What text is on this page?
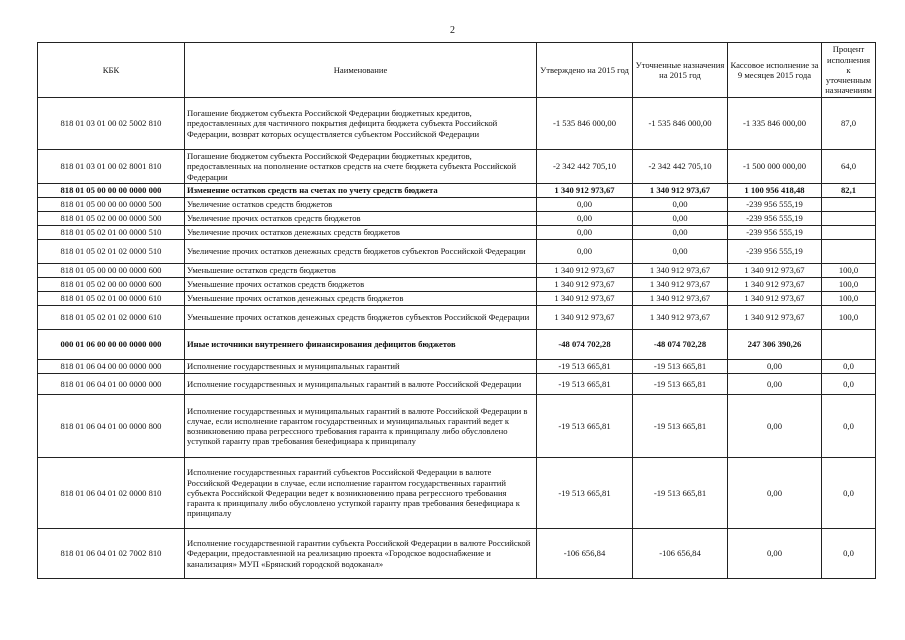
2
КБК	Наименование	Утверждено на 2015 год	Уточненные назначения на 2015 год	Кассовое исполнение за 9 месяцев 2015 года	Процент исполнения к уточненным назначениям
818 01 03 01 00 02 5002 810	Погашение бюджетом субъекта Российской Федерации бюджетных кредитов, предоставленных для частичного покрытия дефицита бюджета субъекта Российской Федерации, возврат которых осуществляется субъектом Российской Федерации	-1 535 846 000,00	-1 535 846 000,00	-1 335 846 000,00	87,0
818 01 03 01 00 02 8001 810	Погашение бюджетом субъекта Российской Федерации бюджетных кредитов, предоставленных на пополнение остатков средств на счете бюджета субъекта Российской Федерации	-2 342 442 705,10	-2 342 442 705,10	-1 500 000 000,00	64,0
818 01 05 00 00 00 0000 000	Изменение остатков средств на счетах по учету средств бюджета	1 340 912 973,67	1 340 912 973,67	1 100 956 418,48	82,1
818 01 05 00 00 00 0000 500	Увеличение остатков средств бюджетов	0,00	0,00	-239 956 555,19	
818 01 05 02 00 00 0000 500	Увеличение прочих остатков средств бюджетов	0,00	0,00	-239 956 555,19	
818 01 05 02 01 00 0000 510	Увеличение прочих остатков денежных средств бюджетов	0,00	0,00	-239 956 555,19	
818 01 05 02 01 02 0000 510	Увеличение прочих остатков денежных средств бюджетов субъектов Российской Федерации	0,00	0,00	-239 956 555,19	
818 01 05 00 00 00 0000 600	Уменьшение остатков средств бюджетов	1 340 912 973,67	1 340 912 973,67	1 340 912 973,67	100,0
818 01 05 02 00 00 0000 600	Уменьшение прочих остатков средств бюджетов	1 340 912 973,67	1 340 912 973,67	1 340 912 973,67	100,0
818 01 05 02 01 00 0000 610	Уменьшение прочих остатков денежных средств бюджетов	1 340 912 973,67	1 340 912 973,67	1 340 912 973,67	100,0
818 01 05 02 01 02 0000 610	Уменьшение прочих остатков денежных средств бюджетов субъектов Российской Федерации	1 340 912 973,67	1 340 912 973,67	1 340 912 973,67	100,0
000 01 06 00 00 00 0000 000	Иные источники внутреннего финансирования дефицитов бюджетов	-48 074 702,28	-48 074 702,28	247 306 390,26	
818 01 06 04 00 00 0000 000	Исполнение государственных и муниципальных гарантий	-19 513 665,81	-19 513 665,81	0,00	0,0
818 01 06 04 01 00 0000 000	Исполнение государственных и муниципальных гарантий в валюте Российской Федерации	-19 513 665,81	-19 513 665,81	0,00	0,0
818 01 06 04 01 00 0000 800	Исполнение государственных и муниципальных гарантий в валюте Российской Федерации в случае, если исполнение гарантом государственных и муниципальных гарантий ведет к возникновению права регрессного требования гаранта к принципалу либо обусловлено уступкой гаранту прав требования бенефициара к принципалу	-19 513 665,81	-19 513 665,81	0,00	0,0
818 01 06 04 01 02 0000 810	Исполнение государственных гарантий субъектов Российской Федерации в валюте Российской Федерации в случае, если исполнение гарантом государственных гарантий субъекта Российской Федерации ведет к возникновению права регрессного требования гаранта к принципалу либо обусловлено уступкой гаранту прав требования бенефициара к принципалу	-19 513 665,81	-19 513 665,81	0,00	0,0
818 01 06 04 01 02 7002 810	Исполнение государственной гарантии субъекта Российской Федерации в валюте Российской Федерации, предоставленной на реализацию проекта «Городское водоснабжение и канализация» МУП «Брянский городской водоканал»	-106 656,84	-106 656,84	0,00	0,0
